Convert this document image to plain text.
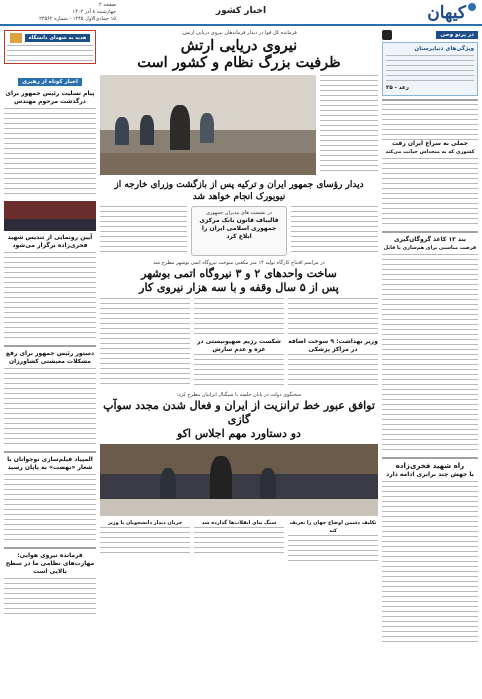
کیهان
اخبار کشور
صفحه ۲
چهارشنبه ۸ آذر ۱۴۰۲
۱۵ جمادی‌الاول ۱۴۴۵ - شماره ۲۳۵۶۲
در پرتو وحی
ویژگی‌های دنیاپرستان
رعد - ۲۵
حملی به سراغ ایران رفت
کشوری که به متحداش خیانت می‌کند
بند ۱۲ کاغذ گروگان‌گیری
فرصت مناسبی برای هم‌سازی با فایل
راه شهید فخری‌زاده
با جهش چند برابری ادامه دارد
هدیه به شهدای دانشگاه
اخبار کوتاه از رهبری
پیام تسلیت رئیس جمهور برای درگذشت مرحوم مهندس
آیین رونمایی از تندیس شهید فخری‌زاده برگزار می‌شود
دستور رئیس جمهور برای رفع مشکلات معیشتی کشاورزان
المپیاد فیلم‌سازی نوجوانان با شعار «نهضت» به پایان رسید
فرمانده نیروی هوایی: مهارت‌های نظامی ما در سطح بالایی است
فرمانده کل قوا در دیدار فرماندهان نیروی دریایی ارتش:
نیروی دریایی ارتش
ظرفیت بزرگ نظام و کشور است
دیدار رؤسای جمهور ایران و ترکیه پس از بازگشت وزرای خارجه از نیویورک انجام خواهد شد
در نشست های مدیران جمهوری
قالیباف قانون بانک مرکزی جمهوری اسلامی ایران را ابلاغ کرد
در مراسم افتتاح کارگاه تولید ۱۴ متر مکعبی سوخت نیروگاه اتمی بوشهر مطرح شد
ساخت واحدهای ۲ و ۳ نیروگاه اتمی بوشهر
پس از ۵ سال وقفه و با سه هزار نیروی کار
وزیر بهداشت: ۹ سوخت اضافه در مراکز پزشکی
شکست رژیم صهیونیستی در غزه و عدم سازش
سخنگوی دولت در پایان جلسه با سیگنال ایرانیان مطرح کرد:
توافق عبور خط ترانزیت از ایران و فعال شدن مجدد سوآپ گازی
دو دستاورد مهم اجلاس اکو
تکلیف دشمن اوضاع جهان را تعریف کند
سنگ بنای انقلاب‌ها گذارده شد
جریان دیدار دانشجویان با وزیر
